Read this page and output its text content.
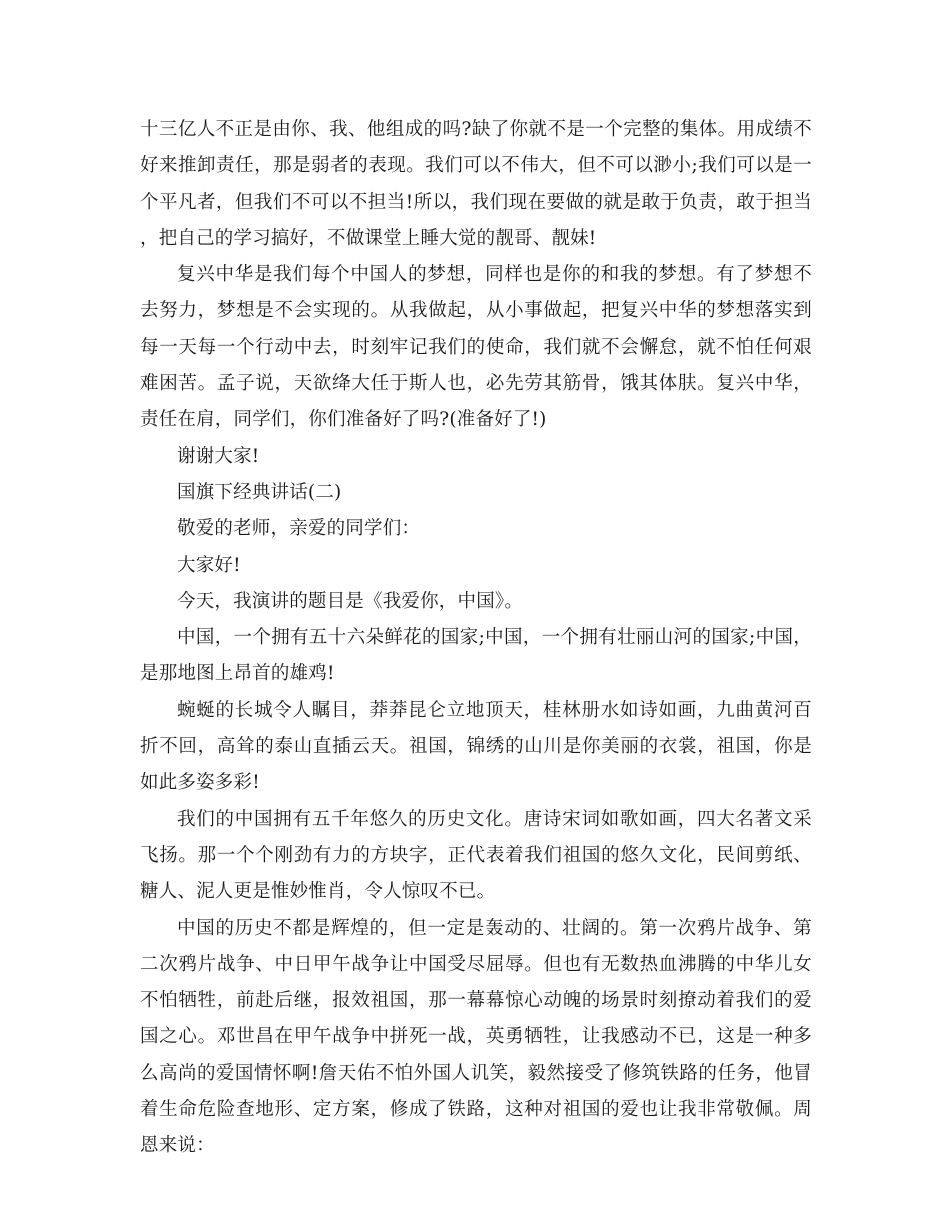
十三亿人不正是由你、我、他组成的吗?缺了你就不是一个完整的集体。用成绩不好来推卸责任，那是弱者的表现。我们可以不伟大，但不可以渺小;我们可以是一个平凡者，但我们不可以不担当!所以，我们现在要做的就是敢于负责，敢于担当，把自己的学习搞好，不做课堂上睡大觉的靓哥、靓妹!

复兴中华是我们每个中国人的梦想，同样也是你的和我的梦想。有了梦想不去努力，梦想是不会实现的。从我做起，从小事做起，把复兴中华的梦想落实到每一天每一个行动中去，时刻牢记我们的使命，我们就不会懈怠，就不怕任何艰难困苦。孟子说，天欲绛大任于斯人也，必先劳其筋骨，饿其体肤。复兴中华，责任在肩，同学们，你们准备好了吗?(准备好了!)

谢谢大家!

国旗下经典讲话(二)

敬爱的老师，亲爱的同学们：

大家好!

今天，我演讲的题目是《我爱你，中国》。

中国，一个拥有五十六朵鲜花的国家;中国，一个拥有壮丽山河的国家;中国，是那地图上昂首的雄鸡!

蜿蜒的长城令人瞩目，莽莽昆仑立地顶天，桂林册水如诗如画，九曲黄河百折不回，高耸的泰山直插云天。祖国，锦绣的山川是你美丽的衣裳，祖国，你是如此多姿多彩!

我们的中国拥有五千年悠久的历史文化。唐诗宋词如歌如画，四大名著文采飞扬。那一个个刚劲有力的方块字，正代表着我们祖国的悠久文化，民间剪纸、糖人、泥人更是惟妙惟肖，令人惊叹不已。

中国的历史不都是辉煌的，但一定是轰动的、壮阔的。第一次鸦片战争、第二次鸦片战争、中日甲午战争让中国受尽屈辱。但也有无数热血沸腾的中华儿女不怕牺牲，前赴后继，报效祖国，那一幕幕惊心动魄的场景时刻撩动着我们的爱国之心。邓世昌在甲午战争中拼死一战，英勇牺牲，让我感动不已，这是一种多么高尚的爱国情怀啊!詹天佑不怕外国人讥笑，毅然接受了修筑铁路的任务，他冒着生命危险查地形、定方案，修成了铁路，这种对祖国的爱也让我非常敬佩。周恩来说：
